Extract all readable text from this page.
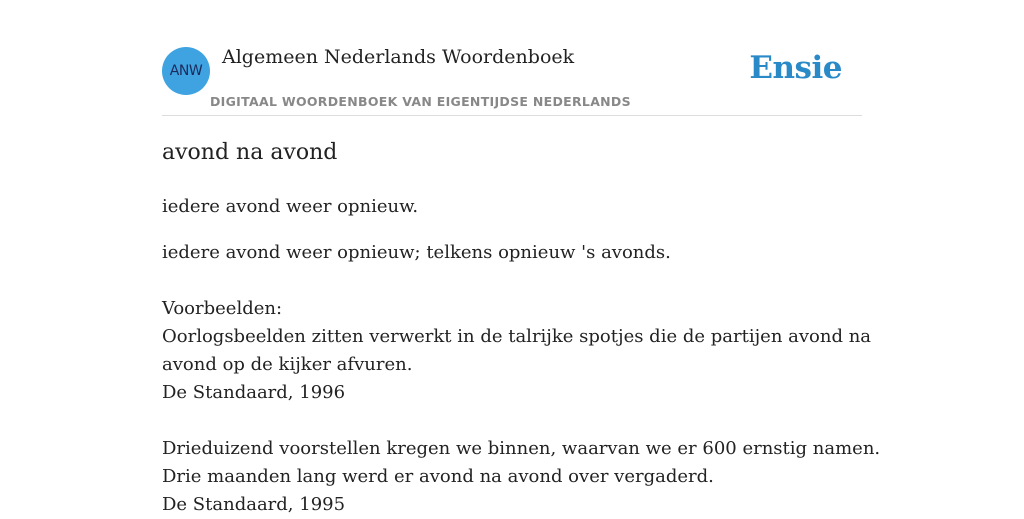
ANW
Algemeen Nederlands Woordenboek
DIGITAAL WOORDENBOEK VAN EIGENTIJDSE NEDERLANDS
Ensie
avond na avond

iedere avond weer opnieuw.

iedere avond weer opnieuw; telkens opnieuw 's avonds.
Voorbeelden:
Oorlogsbeelden zitten verwerkt in de talrijke spotjes die de partijen avond na
avond op de kijker afvuren.
De Standaard, 1996
Drieduizend voorstellen kregen we binnen, waarvan we er 600 ernstig namen.
Drie maanden lang werd er avond na avond over vergaderd.
De Standaard, 1995
